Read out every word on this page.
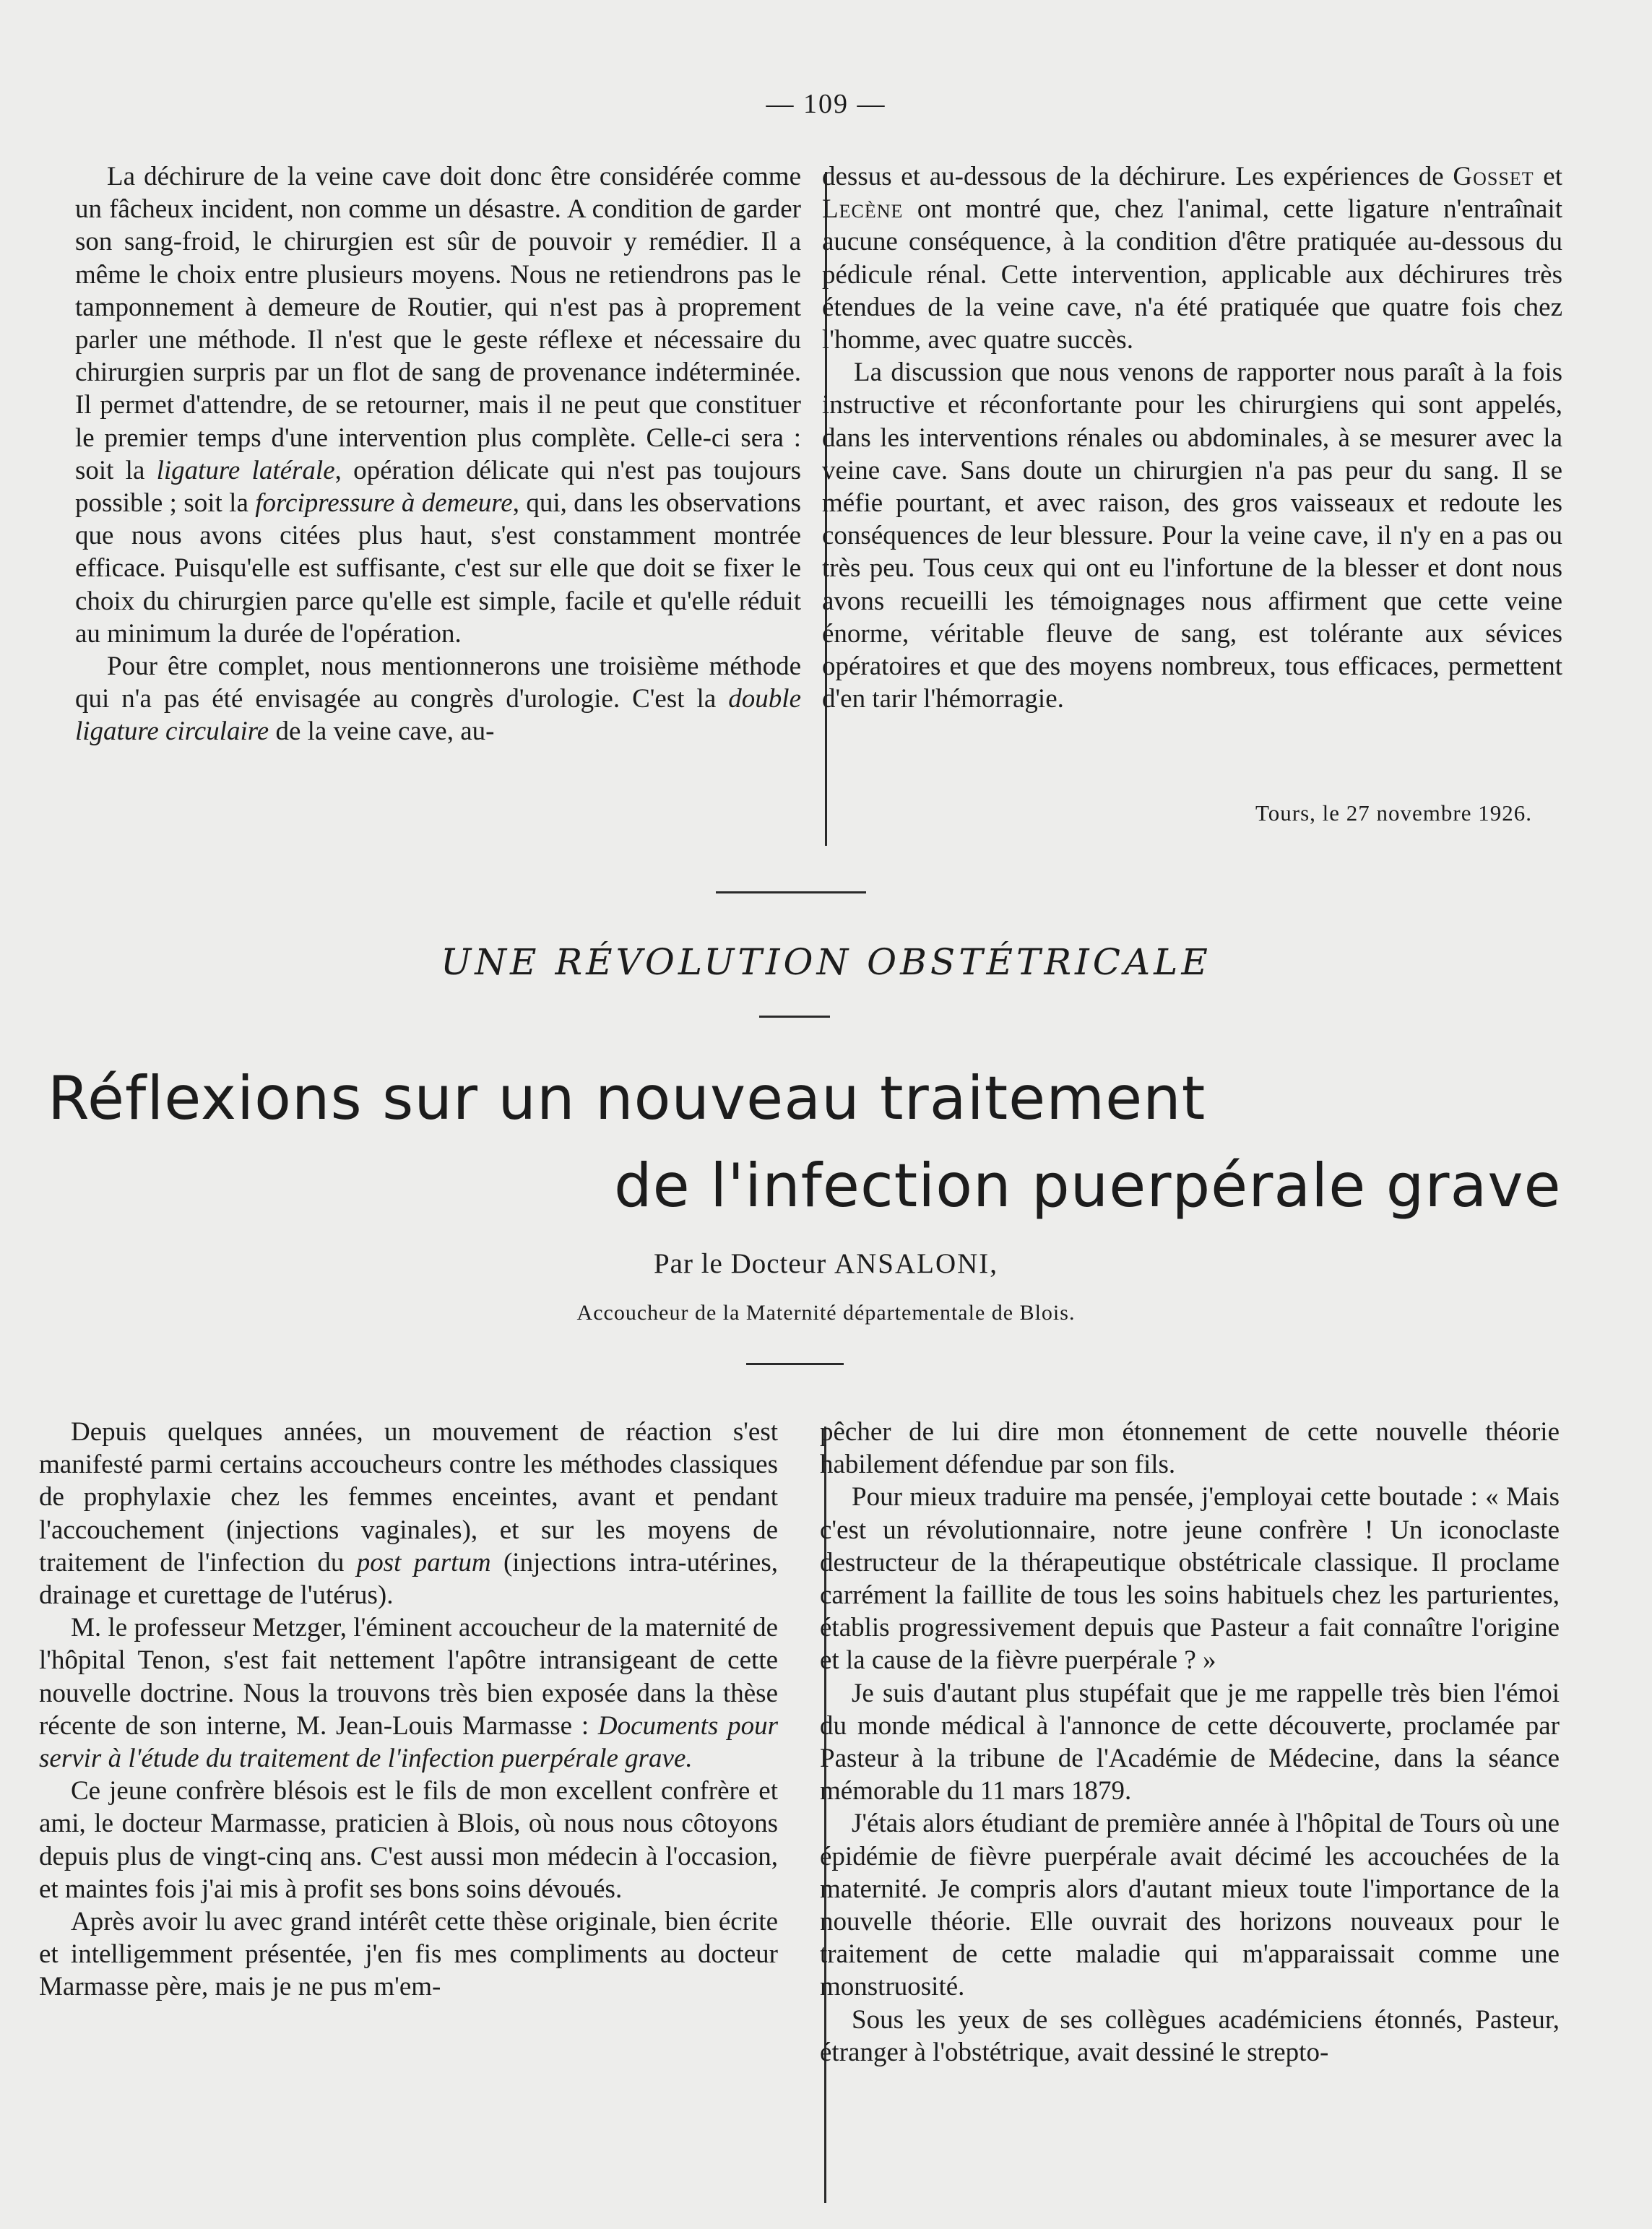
— 109 —

La déchirure de la veine cave doit donc être considérée comme un fâcheux incident, non comme un désastre. A condition de garder son sang-froid, le chirurgien est sûr de pouvoir y remédier. Il a même le choix entre plusieurs moyens. Nous ne retiendrons pas le tamponnement à demeure de Routier, qui n'est pas à proprement parler une méthode. Il n'est que le geste réflexe et nécessaire du chirurgien surpris par un flot de sang de provenance indéterminée. Il permet d'attendre, de se retourner, mais il ne peut que constituer le premier temps d'une intervention plus complète. Celle-ci sera : soit la ligature latérale, opération délicate qui n'est pas toujours possible ; soit la forcipressure à demeure, qui, dans les observations que nous avons citées plus haut, s'est constamment montrée efficace. Puisqu'elle est suffisante, c'est sur elle que doit se fixer le choix du chirurgien parce qu'elle est simple, facile et qu'elle réduit au minimum la durée de l'opération.

Pour être complet, nous mentionnerons une troisième méthode qui n'a pas été envisagée au congrès d'urologie. C'est la double ligature circulaire de la veine cave, au-

dessus et au-dessous de la déchirure. Les expériences de Gosset et Lecène ont montré que, chez l'animal, cette ligature n'entraînait aucune conséquence, à la condition d'être pratiquée au-dessous du pédicule rénal. Cette intervention, applicable aux déchirures très étendues de la veine cave, n'a été pratiquée que quatre fois chez l'homme, avec quatre succès.

La discussion que nous venons de rapporter nous paraît à la fois instructive et réconfortante pour les chirurgiens qui sont appelés, dans les interventions rénales ou abdominales, à se mesurer avec la veine cave. Sans doute un chirurgien n'a pas peur du sang. Il se méfie pourtant, et avec raison, des gros vaisseaux et redoute les conséquences de leur blessure. Pour la veine cave, il n'y en a pas ou très peu. Tous ceux qui ont eu l'infortune de la blesser et dont nous avons recueilli les témoignages nous affirment que cette veine énorme, véritable fleuve de sang, est tolérante aux sévices opératoires et que des moyens nombreux, tous efficaces, permettent d'en tarir l'hémorragie.

Tours, le 27 novembre 1926.
UNE RÉVOLUTION OBSTÉTRICALE
Réflexions sur un nouveau traitement
de l'infection puerpérale grave
Par le Docteur ANSALONI,
Accoucheur de la Maternité départementale de Blois.

Depuis quelques années, un mouvement de réaction s'est manifesté parmi certains accoucheurs contre les méthodes classiques de prophylaxie chez les femmes enceintes, avant et pendant l'accouchement (injections vaginales), et sur les moyens de traitement de l'infection du post partum (injections intra-utérines, drainage et curettage de l'utérus).

M. le professeur Metzger, l'éminent accoucheur de la maternité de l'hôpital Tenon, s'est fait nettement l'apôtre intransigeant de cette nouvelle doctrine. Nous la trouvons très bien exposée dans la thèse récente de son interne, M. Jean-Louis Marmasse : Documents pour servir à l'étude du traitement de l'infection puerpérale grave.

Ce jeune confrère blésois est le fils de mon excellent confrère et ami, le docteur Marmasse, praticien à Blois, où nous nous côtoyons depuis plus de vingt-cinq ans. C'est aussi mon médecin à l'occasion, et maintes fois j'ai mis à profit ses bons soins dévoués.

Après avoir lu avec grand intérêt cette thèse originale, bien écrite et intelligemment présentée, j'en fis mes compliments au docteur Marmasse père, mais je ne pus m'em-

pêcher de lui dire mon étonnement de cette nouvelle théorie habilement défendue par son fils.

Pour mieux traduire ma pensée, j'employai cette boutade : « Mais c'est un révolutionnaire, notre jeune confrère ! Un iconoclaste destructeur de la thérapeutique obstétricale classique. Il proclame carrément la faillite de tous les soins habituels chez les parturientes, établis progressivement depuis que Pasteur a fait connaître l'origine et la cause de la fièvre puerpérale ? »

Je suis d'autant plus stupéfait que je me rappelle très bien l'émoi du monde médical à l'annonce de cette découverte, proclamée par Pasteur à la tribune de l'Académie de Médecine, dans la séance mémorable du 11 mars 1879.

J'étais alors étudiant de première année à l'hôpital de Tours où une épidémie de fièvre puerpérale avait décimé les accouchées de la maternité. Je compris alors d'autant mieux toute l'importance de la nouvelle théorie. Elle ouvrait des horizons nouveaux pour le traitement de cette maladie qui m'apparaissait comme une monstruosité.

Sous les yeux de ses collègues académiciens étonnés, Pasteur, étranger à l'obstétrique, avait dessiné le strepto-
